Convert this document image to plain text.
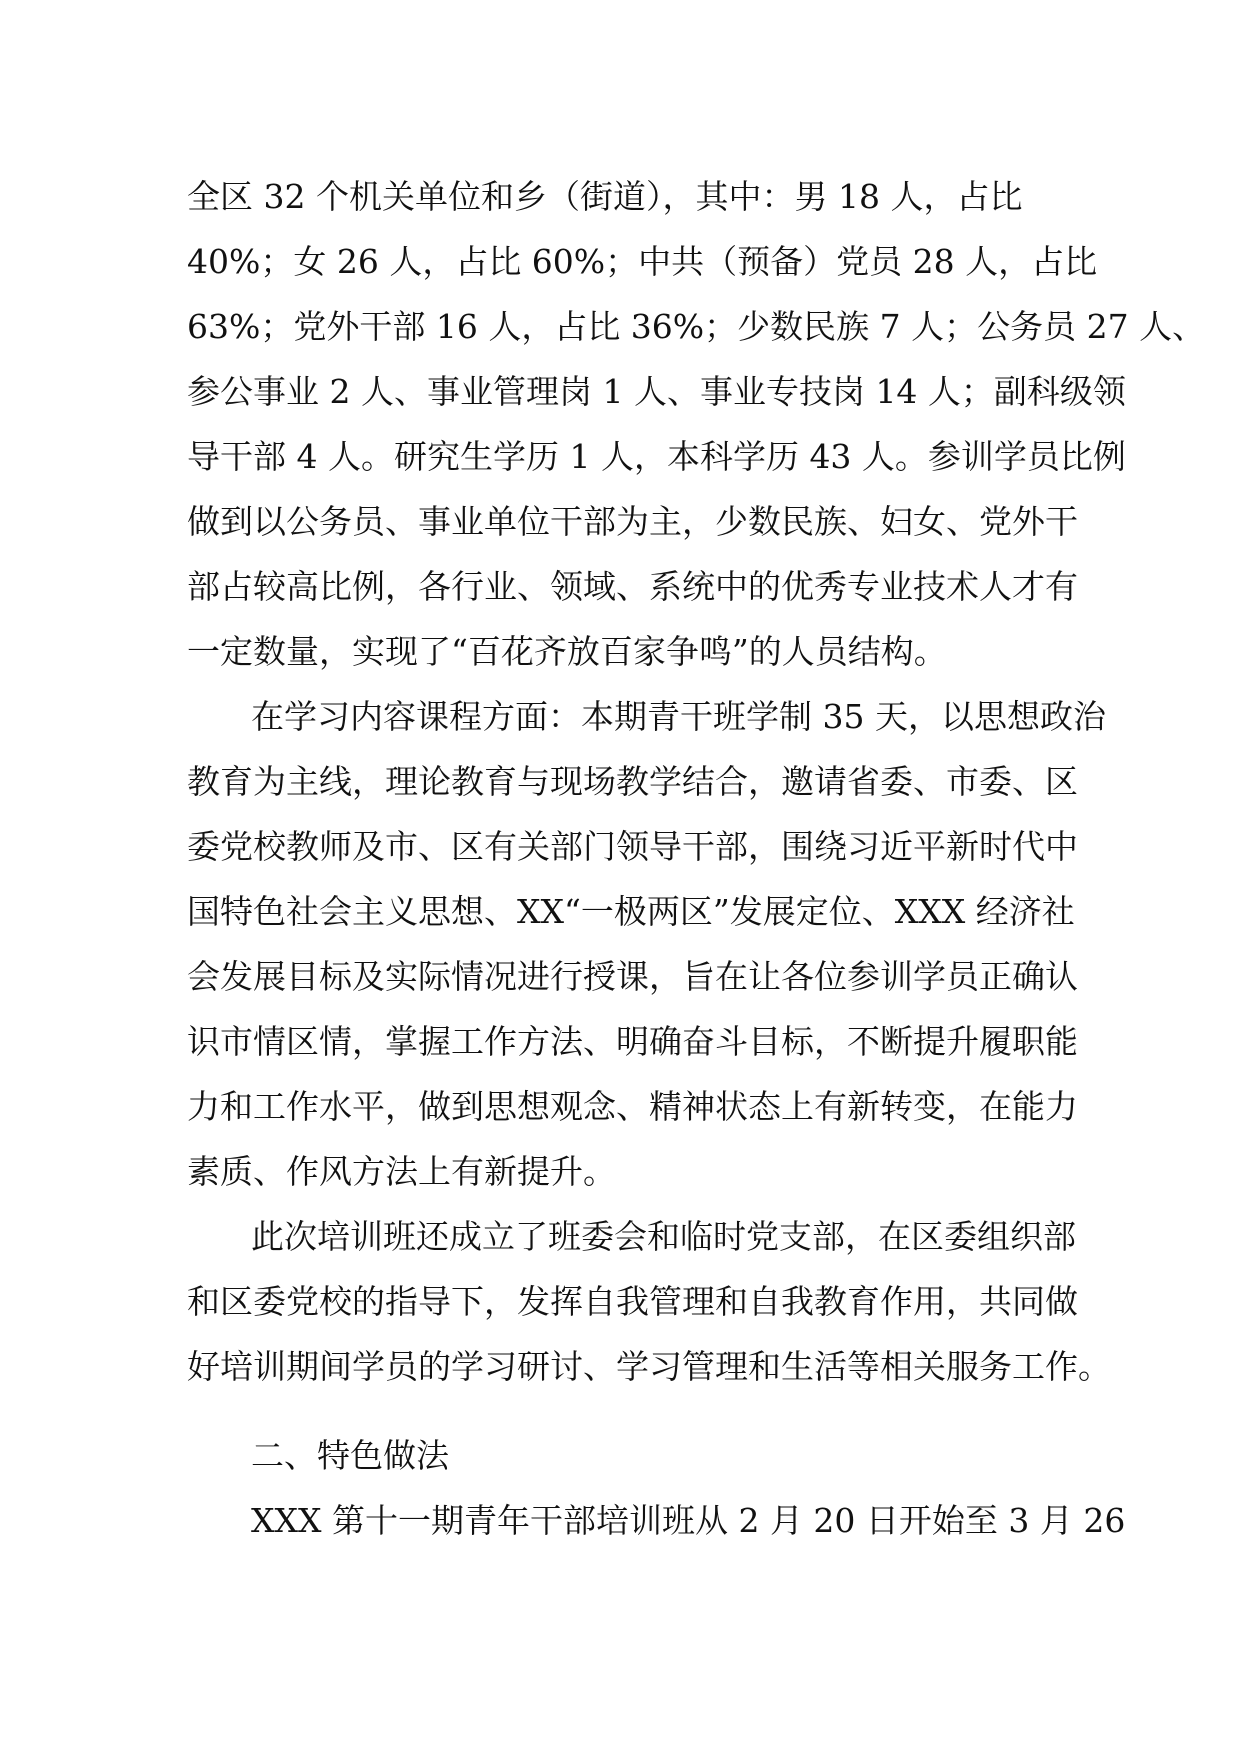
全区 32 个机关单位和乡（街道），其中：男 18 人，占比
40%；女 26 人，占比 60%；中共（预备）党员 28 人，占比
63%；党外干部 16 人，占比 36%；少数民族 7 人；公务员 27 人、
参公事业 2 人、事业管理岗 1 人、事业专技岗 14 人；副科级领
导干部 4 人。研究生学历 1 人，本科学历 43 人。参训学员比例
做到以公务员、事业单位干部为主，少数民族、妇女、党外干
部占较高比例，各行业、领域、系统中的优秀专业技术人才有
一定数量，实现了“百花齐放百家争鸣”的人员结构。
在学习内容课程方面：本期青干班学制 35 天，以思想政治
教育为主线，理论教育与现场教学结合，邀请省委、市委、区
委党校教师及市、区有关部门领导干部，围绕习近平新时代中
国特色社会主义思想、XX“一极两区”发展定位、XXX 经济社
会发展目标及实际情况进行授课，旨在让各位参训学员正确认
识市情区情，掌握工作方法、明确奋斗目标，不断提升履职能
力和工作水平，做到思想观念、精神状态上有新转变，在能力
素质、作风方法上有新提升。
此次培训班还成立了班委会和临时党支部，在区委组织部
和区委党校的指导下，发挥自我管理和自我教育作用，共同做
好培训期间学员的学习研讨、学习管理和生活等相关服务工作。
二、特色做法
XXX 第十一期青年干部培训班从 2 月 20 日开始至 3 月 26
